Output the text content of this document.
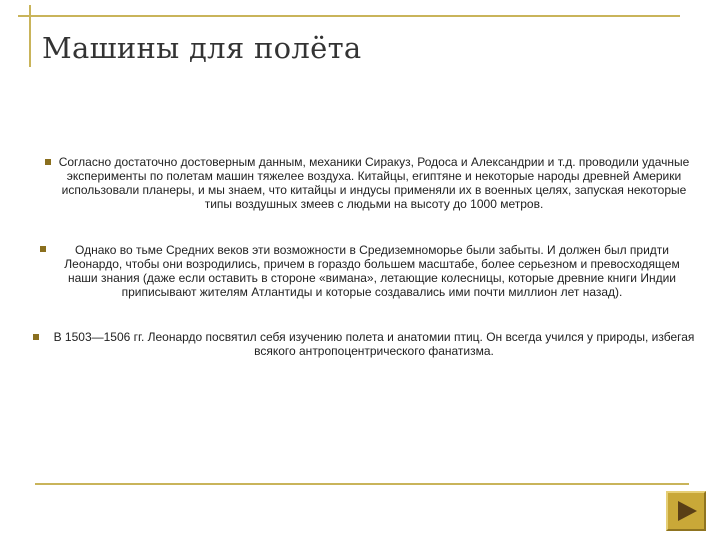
Машины для полёта

Согласно достаточно достоверным данным, механики Сиракуз, Родоса и Александрии и т.д. проводили удачные эксперименты по полетам машин тяжелее воздуха. Китайцы, египтяне и некоторые народы древней Америки использовали планеры, и мы знаем, что китайцы и индусы применяли их в военных целях, запуская некоторые типы воздушных змеев с людьми на высоту до 1000 метров.

Однако во тьме Средних веков эти возможности в Средиземноморье были забыты. И должен был придти Леонардо, чтобы они возродились, причем в гораздо большем масштабе, более серьезном и превосходящем наши знания (даже если оставить в стороне «вимана», летающие колесницы, которые древние книги Индии приписывают жителям Атлантиды и которые создавались ими почти миллион лет назад).

В 1503—1506 гг. Леонардо посвятил себя изучению полета и анатомии птиц. Он всегда учился у природы, избегая всякого антропоцентрического фанатизма.
